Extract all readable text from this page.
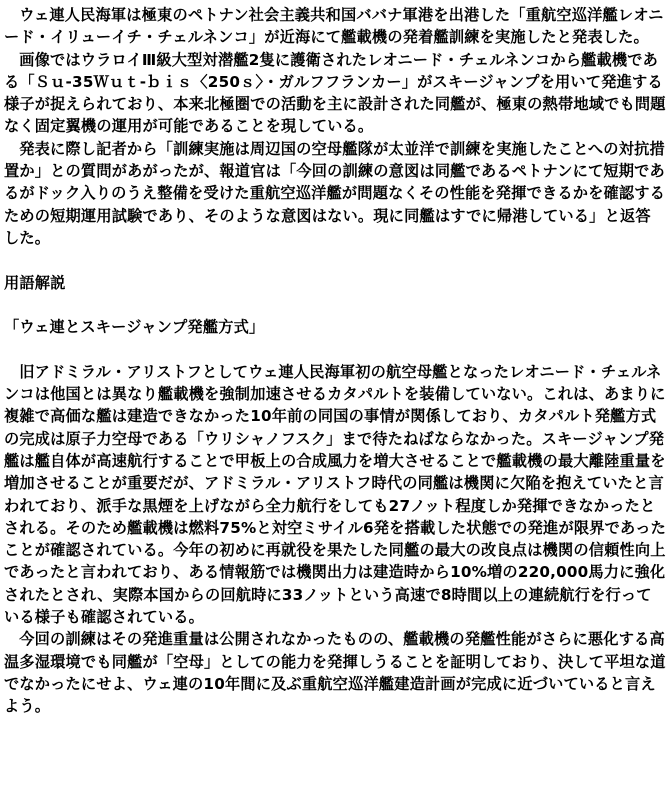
ウェ連人民海軍は極東のペトナン社会主義共和国ババナ軍港を出港した「重航空巡洋艦レオニード・イリューイチ・チェルネンコ」が近海にて艦載機の発着艦訓練を実施したと発表した。

画像ではウラロイⅢ級大型対潜艦2隻に護衛されたレオニード・チェルネンコから艦載機である「Ｓｕ-35Ｗｕｔ-ｂｉｓ〈250ｓ〉・ガルフフランカー」がスキージャンプを用いて発進する様子が捉えられており、本来北極圏での活動を主に設計された同艦が、極東の熱帯地域でも問題なく固定翼機の運用が可能であることを現している。

発表に際し記者から「訓練実施は周辺国の空母艦隊が太並洋で訓練を実施したことへの対抗措置か」との質問があがったが、報道官は「今回の訓練の意図は同艦であるペトナンにて短期であるがドック入りのうえ整備を受けた重航空巡洋艦が問題なくその性能を発揮できるかを確認するための短期運用試験であり、そのような意図はない。現に同艦はすでに帰港している」と返答した。

用語解説

「ウェ連とスキージャンプ発艦方式」

旧アドミラル・アリストフとしてウェ連人民海軍初の航空母艦となったレオニード・チェルネンコは他国とは異なり艦載機を強制加速させるカタパルトを装備していない。これは、あまりに複雑で高価な艦は建造できなかった10年前の同国の事情が関係しており、カタパルト発艦方式の完成は原子力空母である「ウリシャノフスク」まで待たねばならなかった。スキージャンプ発艦は艦自体が高速航行することで甲板上の合成風力を増大させることで艦載機の最大離陸重量を増加させることが重要だが、アドミラル・アリストフ時代の同艦は機関に欠陥を抱えていたと言われており、派手な黒煙を上げながら全力航行をしても27ノット程度しか発揮できなかったとされる。そのため艦載機は燃料75%と対空ミサイル6発を搭載した状態での発進が限界であったことが確認されている。今年の初めに再就役を果たした同艦の最大の改良点は機関の信頼性向上であったと言われており、ある情報筋では機関出力は建造時から10%増の220,000馬力に強化されたとされ、実際本国からの回航時に33ノットという高速で8時間以上の連続航行を行っている様子も確認されている。

今回の訓練はその発進重量は公開されなかったものの、艦載機の発艦性能がさらに悪化する高温多湿環境でも同艦が「空母」としての能力を発揮しうることを証明しており、決して平坦な道でなかったにせよ、ウェ連の10年間に及ぶ重航空巡洋艦建造計画が完成に近づいていると言えよう。
